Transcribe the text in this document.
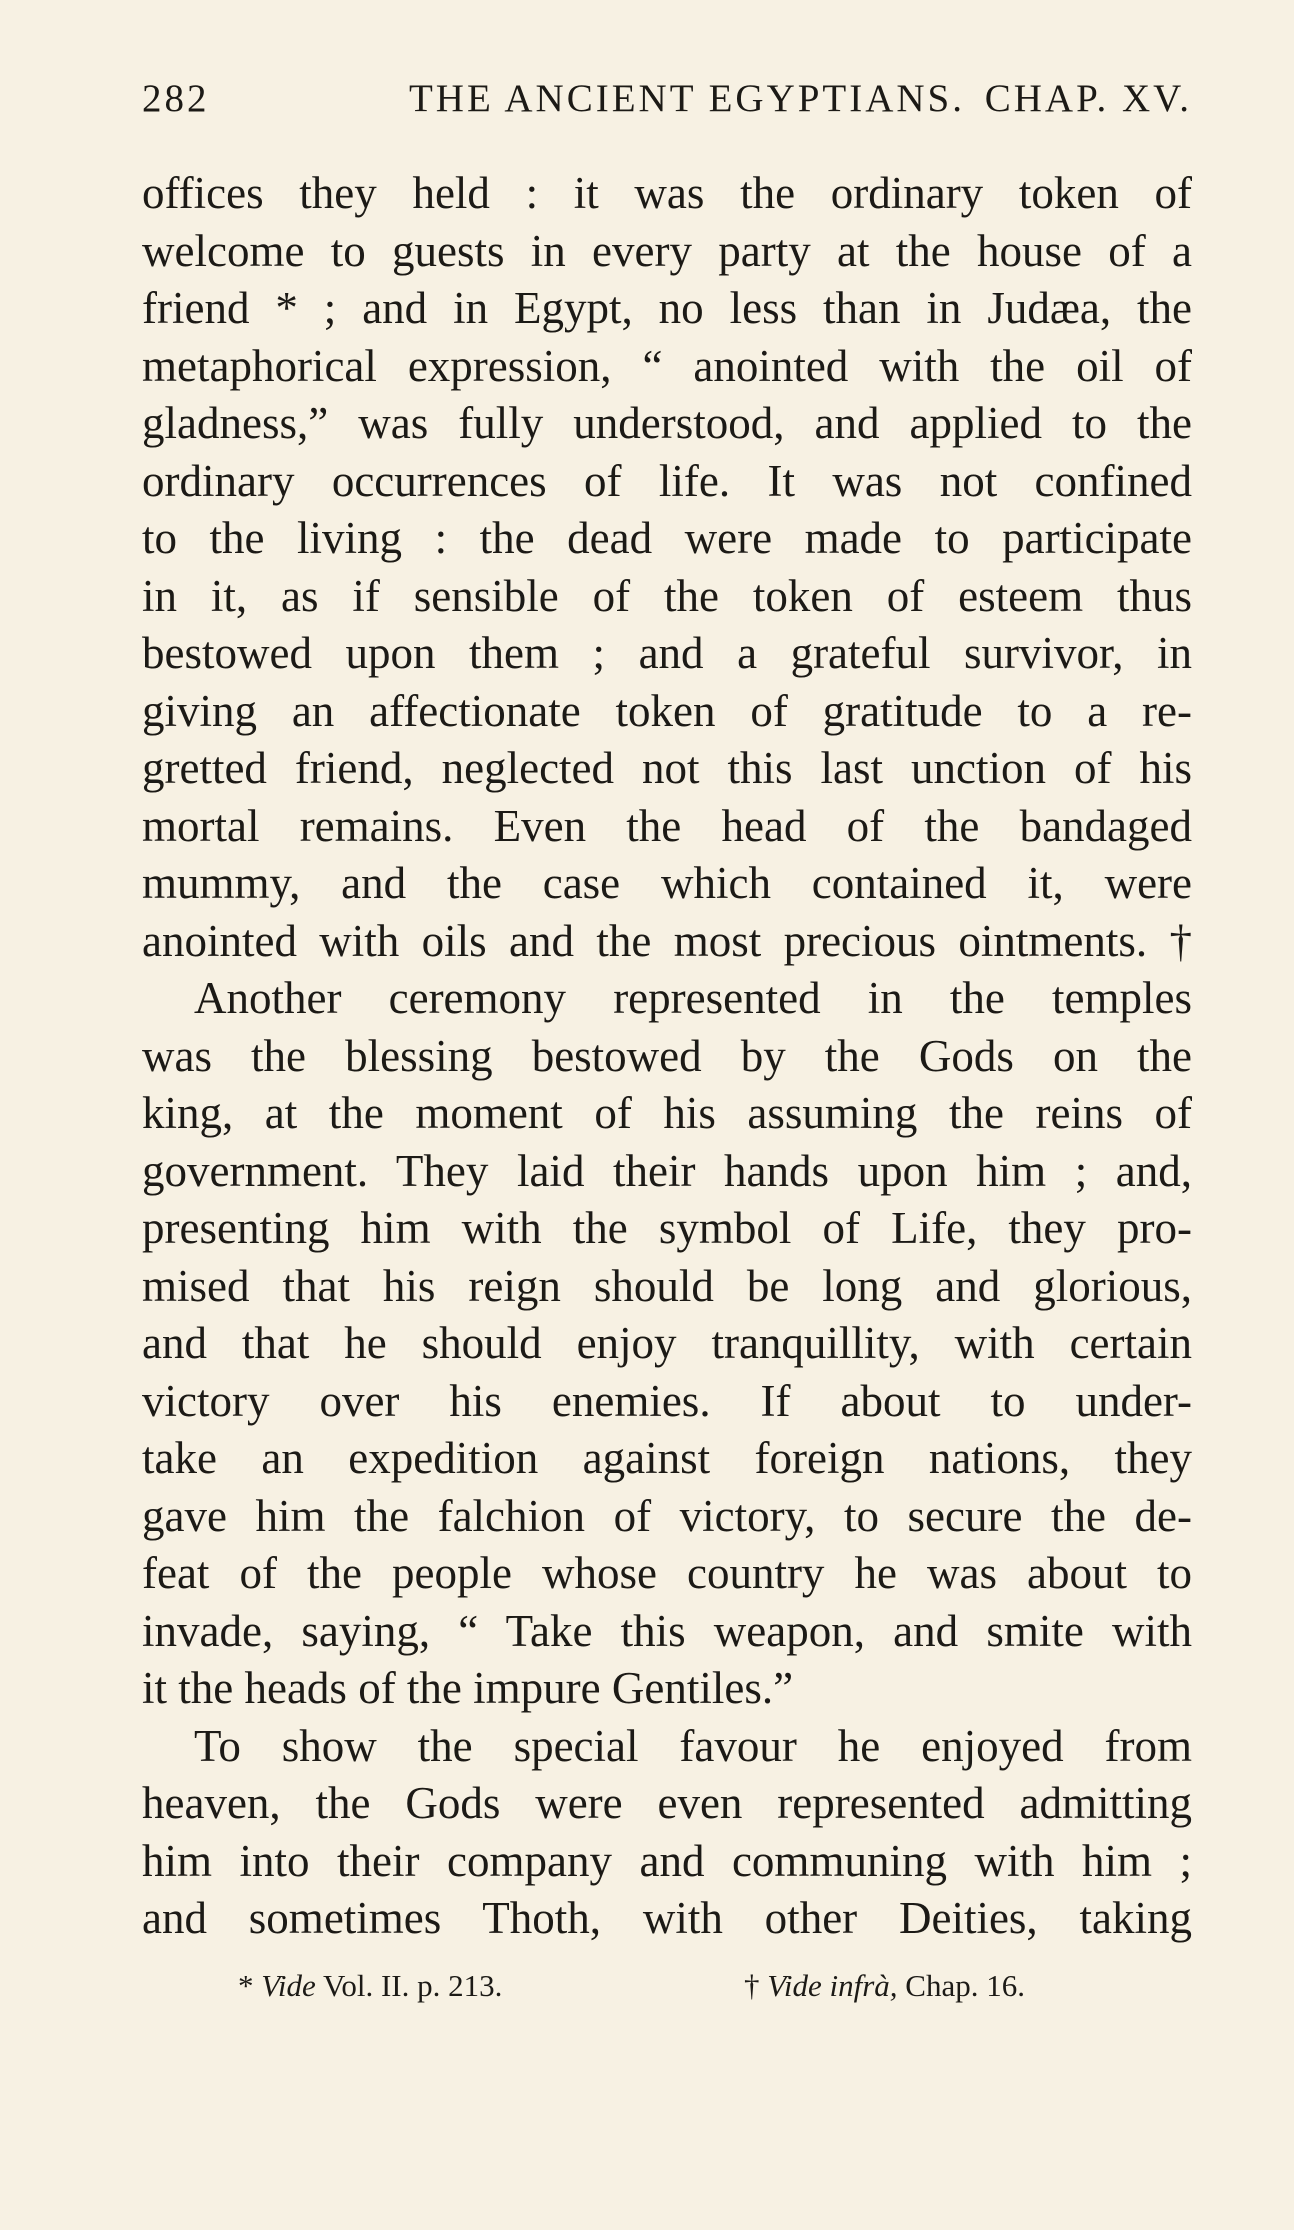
282	THE ANCIENT EGYPTIANS. CHAP. XV.
offices they held : it was the ordinary token of
welcome to guests in every party at the house of a
friend * ; and in Egypt, no less than in Judæa, the
metaphorical expression, “ anointed with the oil of
gladness,” was fully understood, and applied to the
ordinary occurrences of life. It was not confined
to the living : the dead were made to participate
in it, as if sensible of the token of esteem thus
bestowed upon them ; and a grateful survivor, in
giving an affectionate token of gratitude to a re-
gretted friend, neglected not this last unction of his
mortal remains. Even the head of the bandaged
mummy, and the case which contained it, were
anointed with oils and the most precious ointments. †
Another ceremony represented in the temples
was the blessing bestowed by the Gods on the
king, at the moment of his assuming the reins of
government. They laid their hands upon him ; and,
presenting him with the symbol of Life, they pro-
mised that his reign should be long and glorious,
and that he should enjoy tranquillity, with certain
victory over his enemies. If about to under-
take an expedition against foreign nations, they
gave him the falchion of victory, to secure the de-
feat of the people whose country he was about to
invade, saying, “ Take this weapon, and smite with
it the heads of the impure Gentiles.”
To show the special favour he enjoyed from
heaven, the Gods were even represented admitting
him into their company and communing with him ;
and sometimes Thoth, with other Deities, taking
* Vide Vol. II. p. 213.	† Vide infrà, Chap. 16.
